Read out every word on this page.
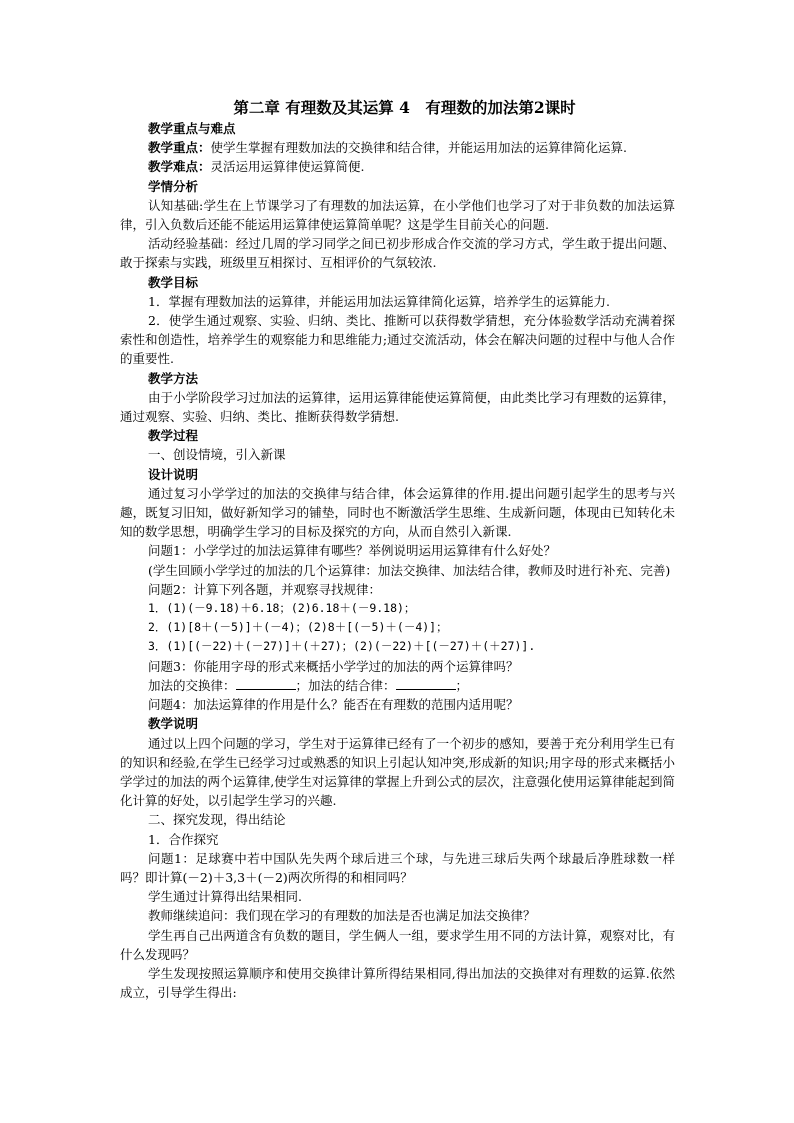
第二章 有理数及其运算 4　有理数的加法第2课时
教学重点与难点

教学重点：使学生掌握有理数加法的交换律和结合律，并能运用加法的运算律简化运算.

教学难点：灵活运用运算律使运算简便.

学情分析

认知基础:学生在上节课学习了有理数的加法运算，在小学他们也学习了对于非负数的加法运算律，引入负数后还能不能运用运算律使运算简单呢？这是学生目前关心的问题.

活动经验基础：经过几周的学习同学之间已初步形成合作交流的学习方式，学生敢于提出问题、敢于探索与实践，班级里互相探讨、互相评价的气氛较浓.

教学目标

1．掌握有理数加法的运算律，并能运用加法运算律简化运算，培养学生的运算能力.

2．使学生通过观察、实验、归纳、类比、推断可以获得数学猜想，充分体验数学活动充满着探索性和创造性，培养学生的观察能力和思维能力;通过交流活动，体会在解决问题的过程中与他人合作的重要性.

教学方法

由于小学阶段学习过加法的运算律，运用运算律能使运算简便，由此类比学习有理数的运算律，通过观察、实验、归纳、类比、推断获得数学猜想.

教学过程

一、创设情境，引入新课

设计说明

通过复习小学学过的加法的交换律与结合律，体会运算律的作用.提出问题引起学生的思考与兴趣，既复习旧知，做好新知学习的铺垫，同时也不断激活学生思维、生成新问题，体现由已知转化未知的数学思想，明确学生学习的目标及探究的方向，从而自然引入新课.

问题1：小学学过的加法运算律有哪些？举例说明运用运算律有什么好处？

(学生回顾小学学过的加法的几个运算律：加法交换律、加法结合律，教师及时进行补充、完善)

问题2：计算下列各题，并观察寻找规律：

1．(1)(－9.18)＋6.18；(2)6.18＋(－9.18)；

2．(1)[8＋(－5)]＋(－4)；(2)8＋[(－5)＋(－4)]；

3．(1)[(－22)＋(－27)]＋(＋27)；(2)(－22)＋[(－27)＋(＋27)].

问题3：你能用字母的形式来概括小学学过的加法的两个运算律吗？

加法的交换律：	；加法的结合律：	；

问题4：加法运算律的作用是什么？能否在有理数的范围内适用呢？

教学说明

通过以上四个问题的学习，学生对于运算律已经有了一个初步的感知，要善于充分利用学生已有的知识和经验,在学生已经学习过或熟悉的知识上引起认知冲突,形成新的知识;用字母的形式来概括小学学过的加法的两个运算律,使学生对运算律的掌握上升到公式的层次，注意强化使用运算律能起到简化计算的好处，以引起学生学习的兴趣.

二、探究发现，得出结论

1．合作探究

问题1：足球赛中若中国队先失两个球后进三个球，与先进三球后失两个球最后净胜球数一样吗？即计算(－2)＋3,3＋(－2)两次所得的和相同吗？

学生通过计算得出结果相同.

教师继续追问：我们现在学习的有理数的加法是否也满足加法交换律？

学生再自己出两道含有负数的题目，学生俩人一组，要求学生用不同的方法计算，观察对比，有什么发现吗？

学生发现按照运算顺序和使用交换律计算所得结果相同,得出加法的交换律对有理数的运算.依然成立，引导学生得出:
